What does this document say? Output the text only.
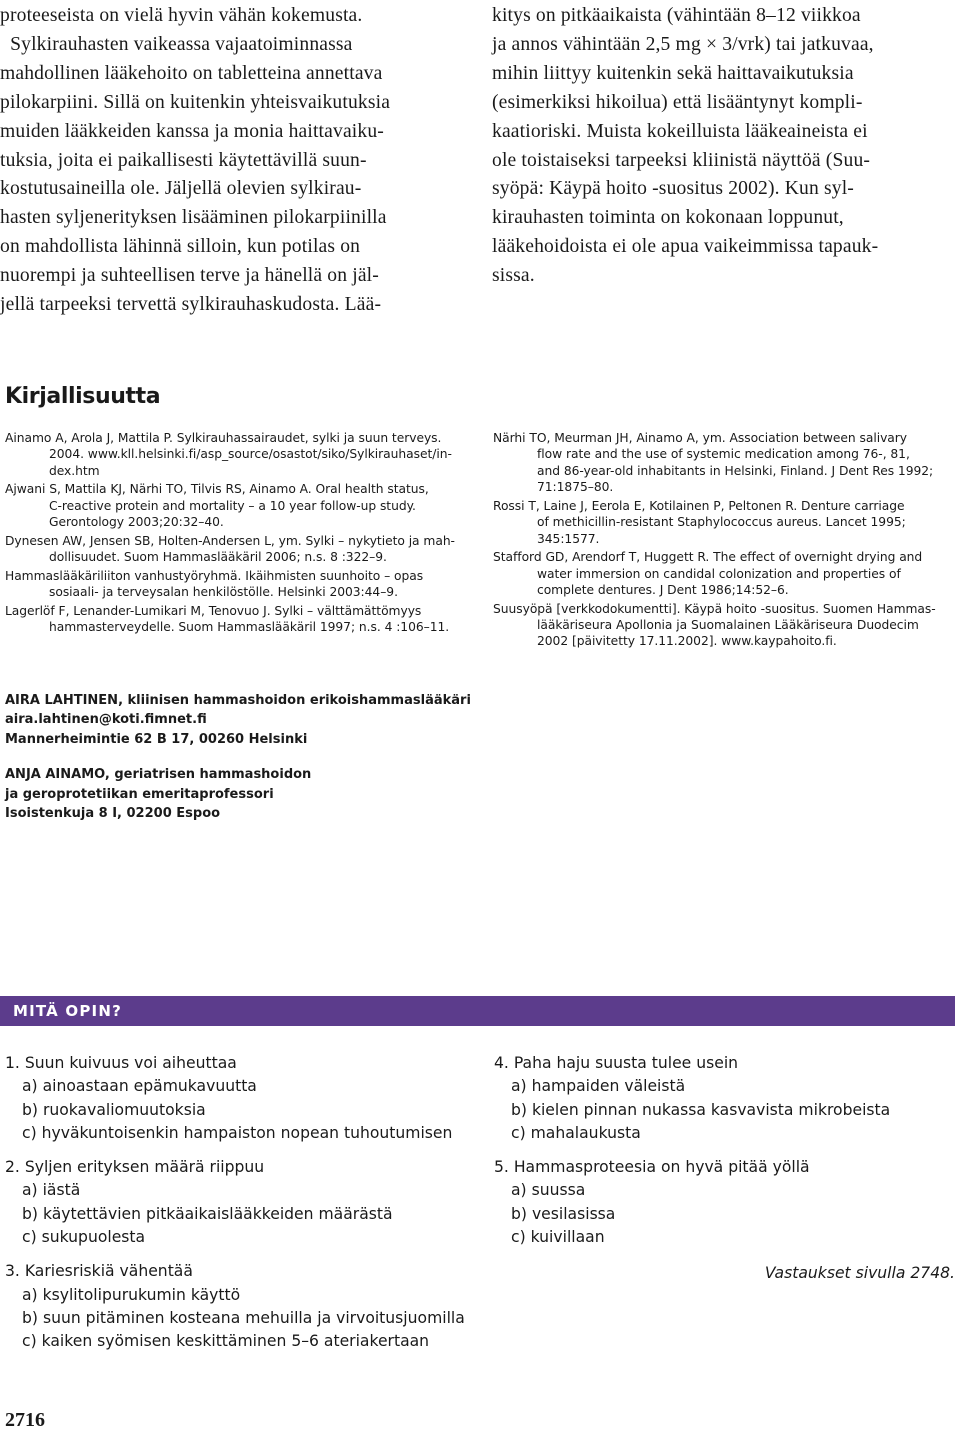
proteeseista on vielä hyvin vähän kokemusta.

Sylkirauhasten vaikeassa vajaatoiminnassa

mahdollinen lääkehoito on tabletteina annettava

pilokarpiini. Sillä on kuitenkin yhteisvaikutuksia

muiden lääkkeiden kanssa ja monia haittavaiku-

tuksia, joita ei paikallisesti käytettävillä suun-

kostutusaineilla ole. Jäljellä olevien sylkirau-

hasten syljenerityksen lisääminen pilokarpiinilla

on mahdollista lähinnä silloin, kun potilas on

nuorempi ja suhteellisen terve ja hänellä on jäl-

jellä tarpeeksi tervettä sylkirauhaskudosta. Lää-

kitys on pitkäaikaista (vähintään 8–12 viikkoa

ja annos vähintään 2,5 mg × 3/vrk) tai jatkuvaa,

mihin liittyy kuitenkin sekä haittavaikutuksia

(esimerkiksi hikoilua) että lisääntynyt kompli-

kaatioriski. Muista kokeilluista lääkeaineista ei

ole toistaiseksi tarpeeksi kliinistä näyttöä (Suu-

syöpä: Käypä hoito -suositus 2002). Kun syl-

kirauhasten toiminta on kokonaan loppunut,

lääkehoidoista ei ole apua vaikeimmissa tapauk-

sissa.

Kirjallisuutta

Ainamo A, Arola J, Mattila P. Sylkirauhassairaudet, sylki ja suun terveys.
2004. www.kll.helsinki.fi/asp_source/osastot/siko/Sylkirauhaset/in-
dex.htm

Ajwani S, Mattila KJ, Närhi TO, Tilvis RS, Ainamo A. Oral health status,
C-reactive protein and mortality – a 10 year follow-up study.
Gerontology 2003;20:32–40.

Dynesen AW, Jensen SB, Holten-Andersen L, ym. Sylki – nykytieto ja mah-
dollisuudet. Suom Hammaslääkäril 2006; n.s. 8 :322–9.

Hammaslääkäriliiton vanhustyöryhmä. Ikäihmisten suunhoito – opas
sosiaali- ja terveysalan henkilöstölle. Helsinki 2003:44–9.

Lagerlöf F, Lenander-Lumikari M, Tenovuo J. Sylki – välttämättömyys
hammasterveydelle. Suom Hammaslääkäril 1997; n.s. 4 :106–11.

Närhi TO, Meurman JH, Ainamo A, ym. Association between salivary
flow rate and the use of systemic medication among 76-, 81,
and 86-year-old inhabitants in Helsinki, Finland. J Dent Res 1992;
71:1875–80.

Rossi T, Laine J, Eerola E, Kotilainen P, Peltonen R. Denture carriage
of methicillin-resistant Staphylococcus aureus. Lancet 1995;
345:1577.

Stafford GD, Arendorf T, Huggett R. The effect of overnight drying and
water immersion on candidal colonization and properties of
complete dentures. J Dent 1986;14:52–6.

Suusyöpä [verkkodokumentti]. Käypä hoito -suositus. Suomen Hammas-
lääkäriseura Apollonia ja Suomalainen Lääkäriseura Duodecim
2002 [päivitetty 17.11.2002]. www.kaypahoito.fi.

AIRA LAHTINEN, kliinisen hammashoidon erikoishammaslääkäri
aira.lahtinen@koti.fimnet.fi
Mannerheimintie 62 B 17, 00260 Helsinki
ANJA AINAMO, geriatrisen hammashoidon
ja geroprotetiikan emeritaprofessori
Isoistenkuja 8 I, 02200 Espoo
MITÄ OPIN?
1. Suun kuivuus voi aiheuttaa
a) ainoastaan epämukavuutta
b) ruokavaliomuutoksia
c) hyväkuntoisenkin hampaiston nopean tuhoutumisen
2. Syljen erityksen määrä riippuu
a) iästä
b) käytettävien pitkäaikaislääkkeiden määrästä
c) sukupuolesta
3. Kariesriskiä vähentää
a) ksylitolipurukumin käyttö
b) suun pitäminen kosteana mehuilla ja virvoitusjuomilla
c) kaiken syömisen keskittäminen 5–6 ateriakertaan
4. Paha haju suusta tulee usein
a) hampaiden väleistä
b) kielen pinnan nukassa kasvavista mikrobeista
c) mahalaukusta
5. Hammasproteesia on hyvä pitää yöllä
a) suussa
b) vesilasissa
c) kuivillaan

Vastaukset sivulla 2748.

2716
